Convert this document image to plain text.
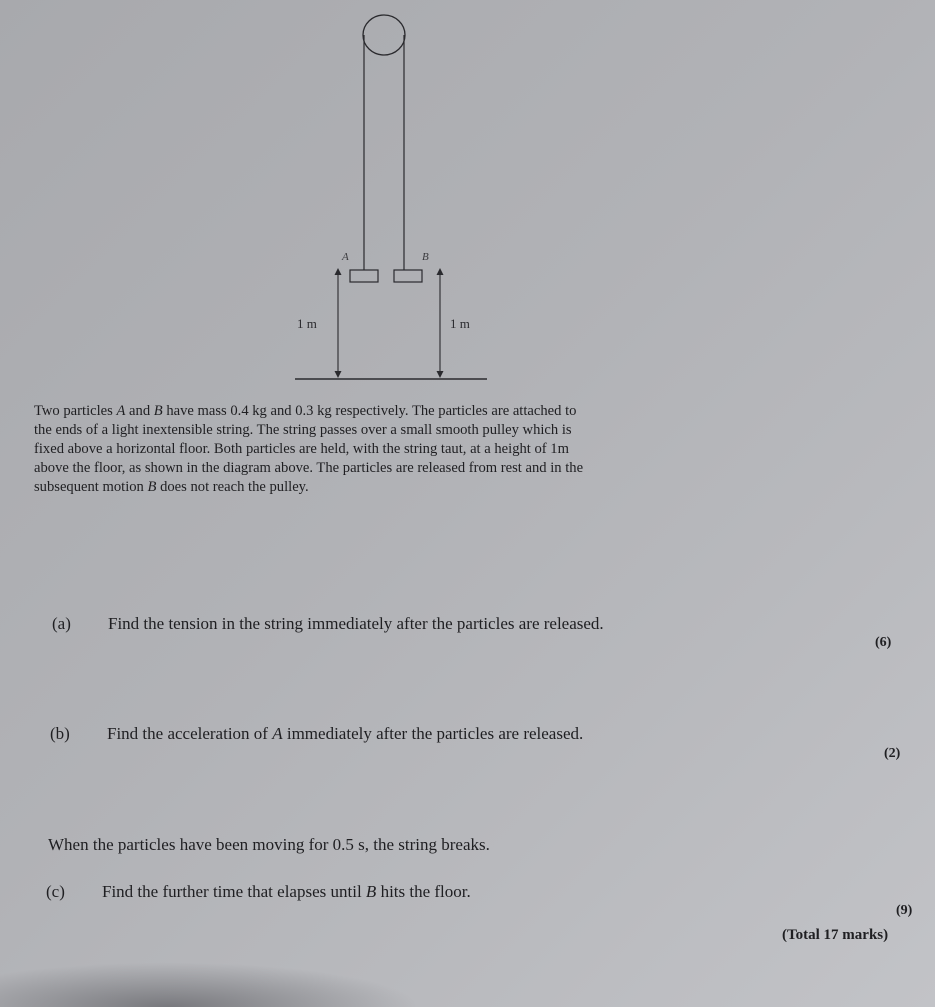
A	B
1 m	1 m

Two particles A and B have mass 0.4 kg and 0.3 kg respectively. The particles are attached to
the ends of a light inextensible string. The string passes over a small smooth pulley which is
fixed above a horizontal floor. Both particles are held, with the string taut, at a height of 1m
above the floor, as shown in the diagram above. The particles are released from rest and in the
subsequent motion B does not reach the pulley.

(a) Find the tension in the string immediately after the particles are released.
(6)
(b) Find the acceleration of A immediately after the particles are released.
(2)
When the particles have been moving for 0.5 s, the string breaks.
(c) Find the further time that elapses until B hits the floor.
(9)
(Total 17 marks)
